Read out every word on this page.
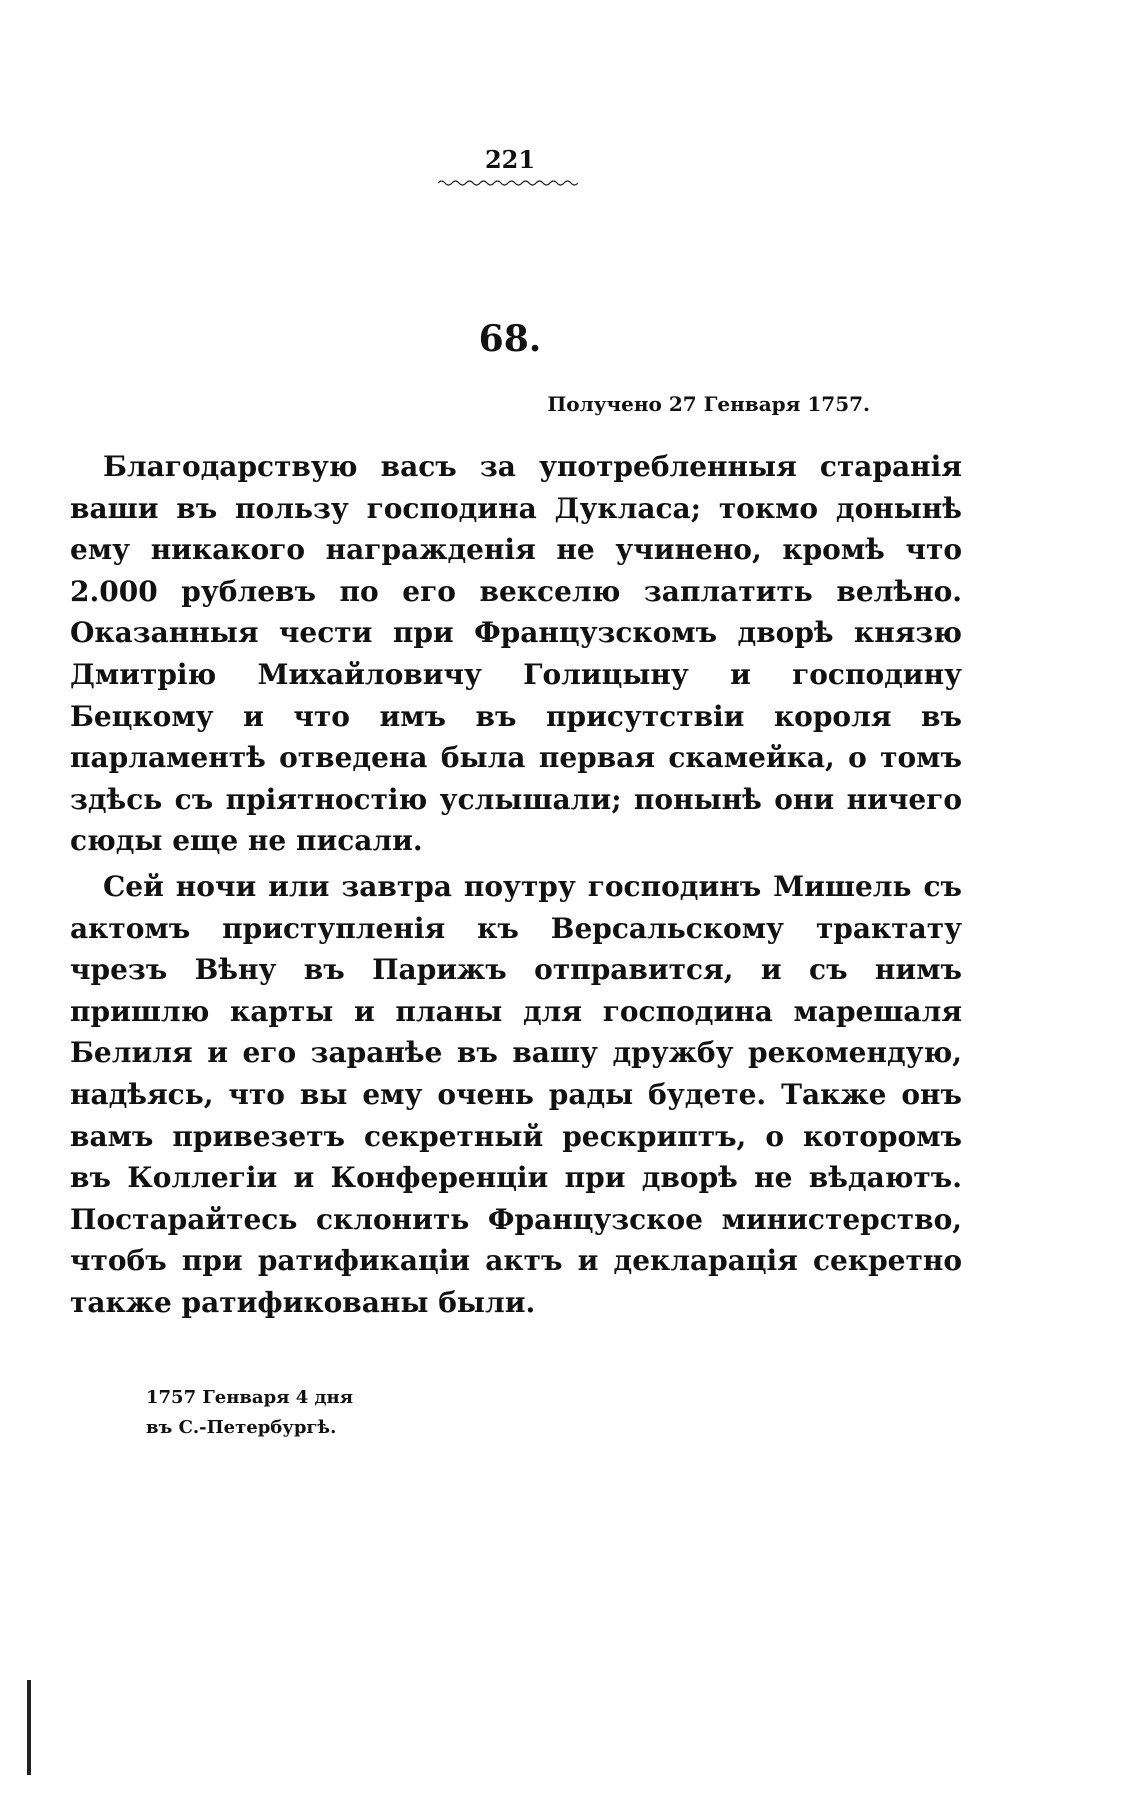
221
68.
Получено 27 Генваря 1757.

Благодарствую васъ за употребленныя старанія ваши въ пользу господина Дукласа; токмо донынѣ ему никакого награжденія не учинено, кромѣ что 2.000 рублевъ по его векселю заплатить велѣно. Оказанныя чести при Французскомъ дворѣ князю Дмитрію Михайловичу Голицыну и господину Бецкому и что имъ въ присутствіи короля въ парламентѣ отведена была первая скамейка, о томъ здѣсь съ пріятностію услышали; понынѣ они ничего сюды еще не писали.

Сей ночи или завтра поутру господинъ Мишель съ актомъ приступленія къ Версальскому трактату чрезъ Вѣну въ Парижъ отправится, и съ нимъ пришлю карты и планы для господина марешаля Белиля и его заранѣе въ вашу дружбу рекомендую, надѣясь, что вы ему очень рады будете. Также онъ вамъ привезетъ секретный рескриптъ, о которомъ въ Коллегіи и Конференціи при дворѣ не вѣдаютъ. Постарайтесь склонить Французское министерство, чтобъ при ратификаціи актъ и декларація секретно также ратификованы были.

1757 Генваря 4 дня
въ С.-Петербургѣ.
